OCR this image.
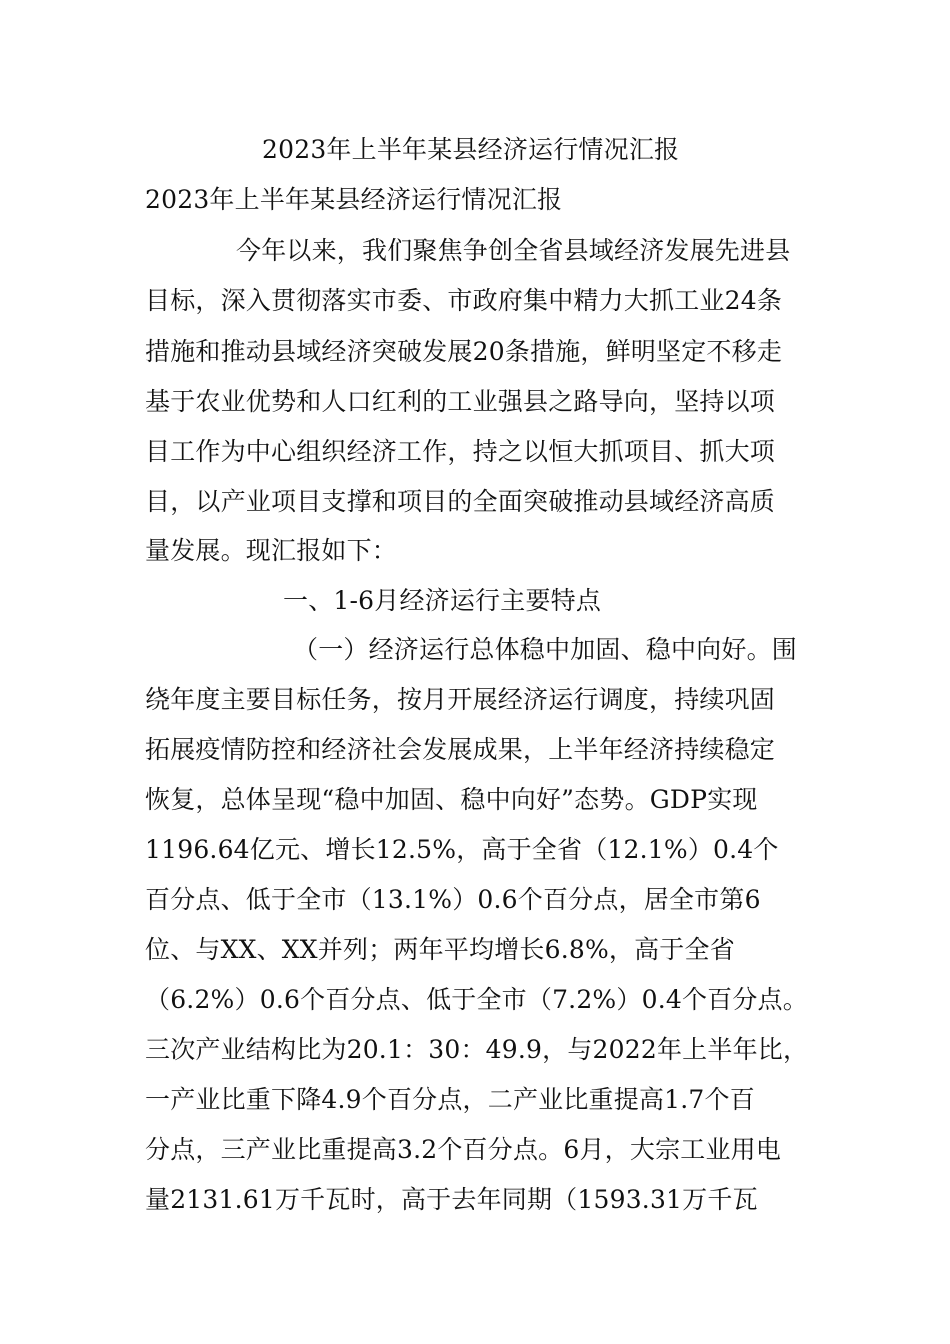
2023年上半年某县经济运行情况汇报
2023年上半年某县经济运行情况汇报
今年以来，我们聚焦争创全省县域经济发展先进县
目标，深入贯彻落实市委、市政府集中精力大抓工业24条
措施和推动县域经济突破发展20条措施，鲜明坚定不移走
基于农业优势和人口红利的工业强县之路导向，坚持以项
目工作为中心组织经济工作，持之以恒大抓项目、抓大项
目，以产业项目支撑和项目的全面突破推动县域经济高质
量发展。现汇报如下：
一、1-6月经济运行主要特点
（一）经济运行总体稳中加固、稳中向好。围
绕年度主要目标任务，按月开展经济运行调度，持续巩固
拓展疫情防控和经济社会发展成果，上半年经济持续稳定
恢复，总体呈现“稳中加固、稳中向好”态势。GDP实现
1196.64亿元、增长12.5%，高于全省（12.1%）0.4个
百分点、低于全市（13.1%）0.6个百分点，居全市第6
位、与XX、XX并列；两年平均增长6.8%，高于全省
（6.2%）0.6个百分点、低于全市（7.2%）0.4个百分点。
三次产业结构比为20.1：30：49.9，与2022年上半年比，
一产业比重下降4.9个百分点，二产业比重提高1.7个百
分点，三产业比重提高3.2个百分点。6月，大宗工业用电
量2131.61万千瓦时，高于去年同期（1593.31万千瓦
